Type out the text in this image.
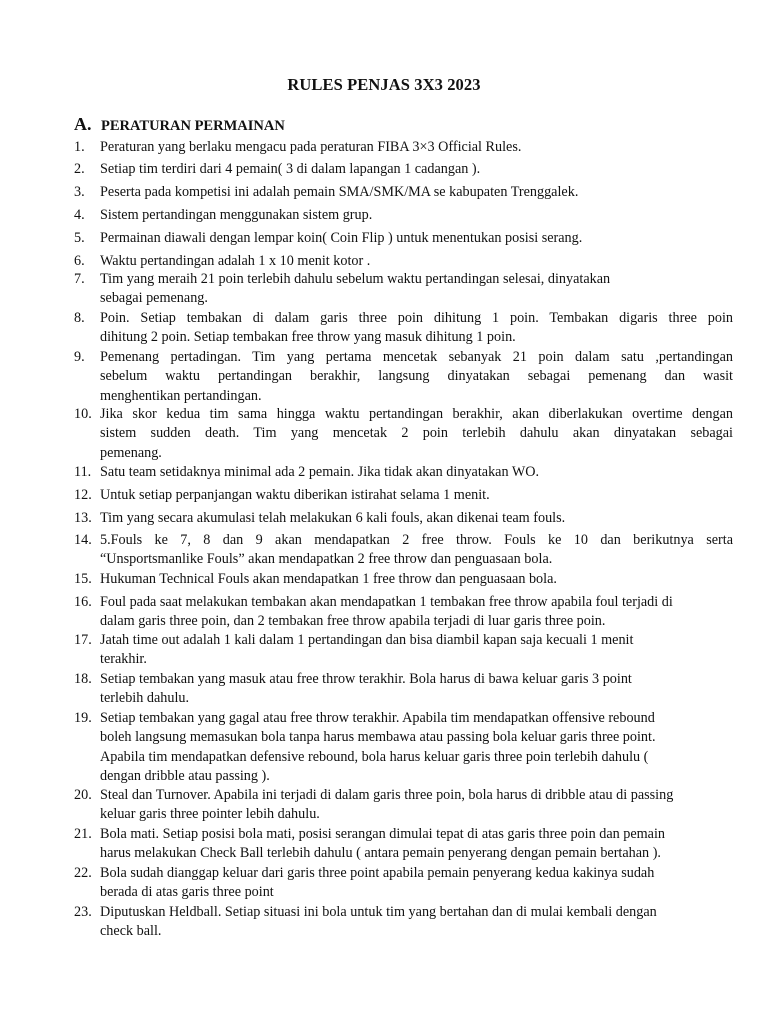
RULES PENJAS 3X3 2023
A. PERATURAN PERMAINAN
1. Peraturan yang berlaku mengacu pada peraturan FIBA 3×3 Official Rules.
2. Setiap tim terdiri dari 4 pemain( 3 di dalam lapangan 1 cadangan ).
3. Peserta pada kompetisi ini adalah pemain SMA/SMK/MA se kabupaten Trenggalek.
4. Sistem pertandingan menggunakan sistem grup.
5. Permainan diawali dengan lempar koin( Coin Flip ) untuk menentukan posisi serang.
6. Waktu pertandingan adalah 1 x 10 menit kotor .
7. Tim yang meraih 21 poin terlebih dahulu sebelum waktu pertandingan selesai, dinyatakan
sebagai pemenang.
8. Poin. Setiap tembakan di dalam garis three poin dihitung 1 poin. Tembakan digaris three poin
dihitung 2 poin. Setiap tembakan free throw yang masuk dihitung 1 poin.
9. Pemenang pertadingan. Tim yang pertama mencetak sebanyak 21 poin dalam satu ,pertandingan
sebelum waktu pertandingan berakhir, langsung dinyatakan sebagai pemenang dan wasit
menghentikan pertandingan.
10. Jika skor kedua tim sama hingga waktu pertandingan berakhir, akan diberlakukan overtime dengan
sistem sudden death. Tim yang mencetak 2 poin terlebih dahulu akan dinyatakan sebagai
pemenang.
11. Satu team setidaknya minimal ada 2 pemain. Jika tidak akan dinyatakan WO.
12. Untuk setiap perpanjangan waktu diberikan istirahat selama 1 menit.
13. Tim yang secara akumulasi telah melakukan 6 kali fouls, akan dikenai team fouls.
14. 5.Fouls ke 7, 8 dan 9 akan mendapatkan 2 free throw. Fouls ke 10 dan berikutnya serta
“Unsportsmanlike Fouls” akan mendapatkan 2 free throw dan penguasaan bola.
15. Hukuman Technical Fouls akan mendapatkan 1 free throw dan penguasaan bola.
16. Foul pada saat melakukan tembakan akan mendapatkan 1 tembakan free throw apabila foul terjadi di
dalam garis three poin, dan 2 tembakan free throw apabila terjadi di luar garis three poin.
17. Jatah time out adalah 1 kali dalam 1 pertandingan dan bisa diambil kapan saja kecuali 1 menit
terakhir.
18. Setiap tembakan yang masuk atau free throw terakhir. Bola harus di bawa keluar garis 3 point
terlebih dahulu.
19. Setiap tembakan yang gagal atau free throw terakhir. Apabila tim mendapatkan offensive rebound
boleh langsung memasukan bola tanpa harus membawa atau passing bola keluar garis three point.
Apabila tim mendapatkan defensive rebound, bola harus keluar garis three poin terlebih dahulu (
dengan dribble atau passing ).
20. Steal dan Turnover. Apabila ini terjadi di dalam garis three poin, bola harus di dribble atau di passing
keluar garis three pointer lebih dahulu.
21. Bola mati. Setiap posisi bola mati, posisi serangan dimulai tepat di atas garis three poin dan pemain
harus melakukan Check Ball terlebih dahulu ( antara pemain penyerang dengan pemain bertahan ).
22. Bola sudah dianggap keluar dari garis three point apabila pemain penyerang kedua kakinya sudah
berada di atas garis three point
23. Diputuskan Heldball. Setiap situasi ini bola untuk tim yang bertahan dan di mulai kembali dengan
check ball.
